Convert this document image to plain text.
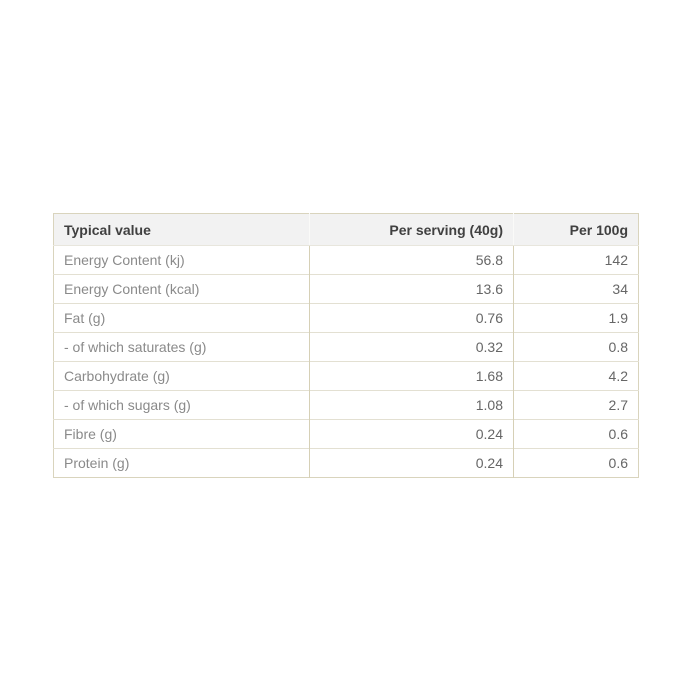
Typical value	Per serving (40g)	Per 100g
Energy Content (kj)	56.8	142
Energy Content (kcal)	13.6	34
Fat (g)	0.76	1.9
- of which saturates (g)	0.32	0.8
Carbohydrate (g)	1.68	4.2
- of which sugars (g)	1.08	2.7
Fibre (g)	0.24	0.6
Protein (g)	0.24	0.6
